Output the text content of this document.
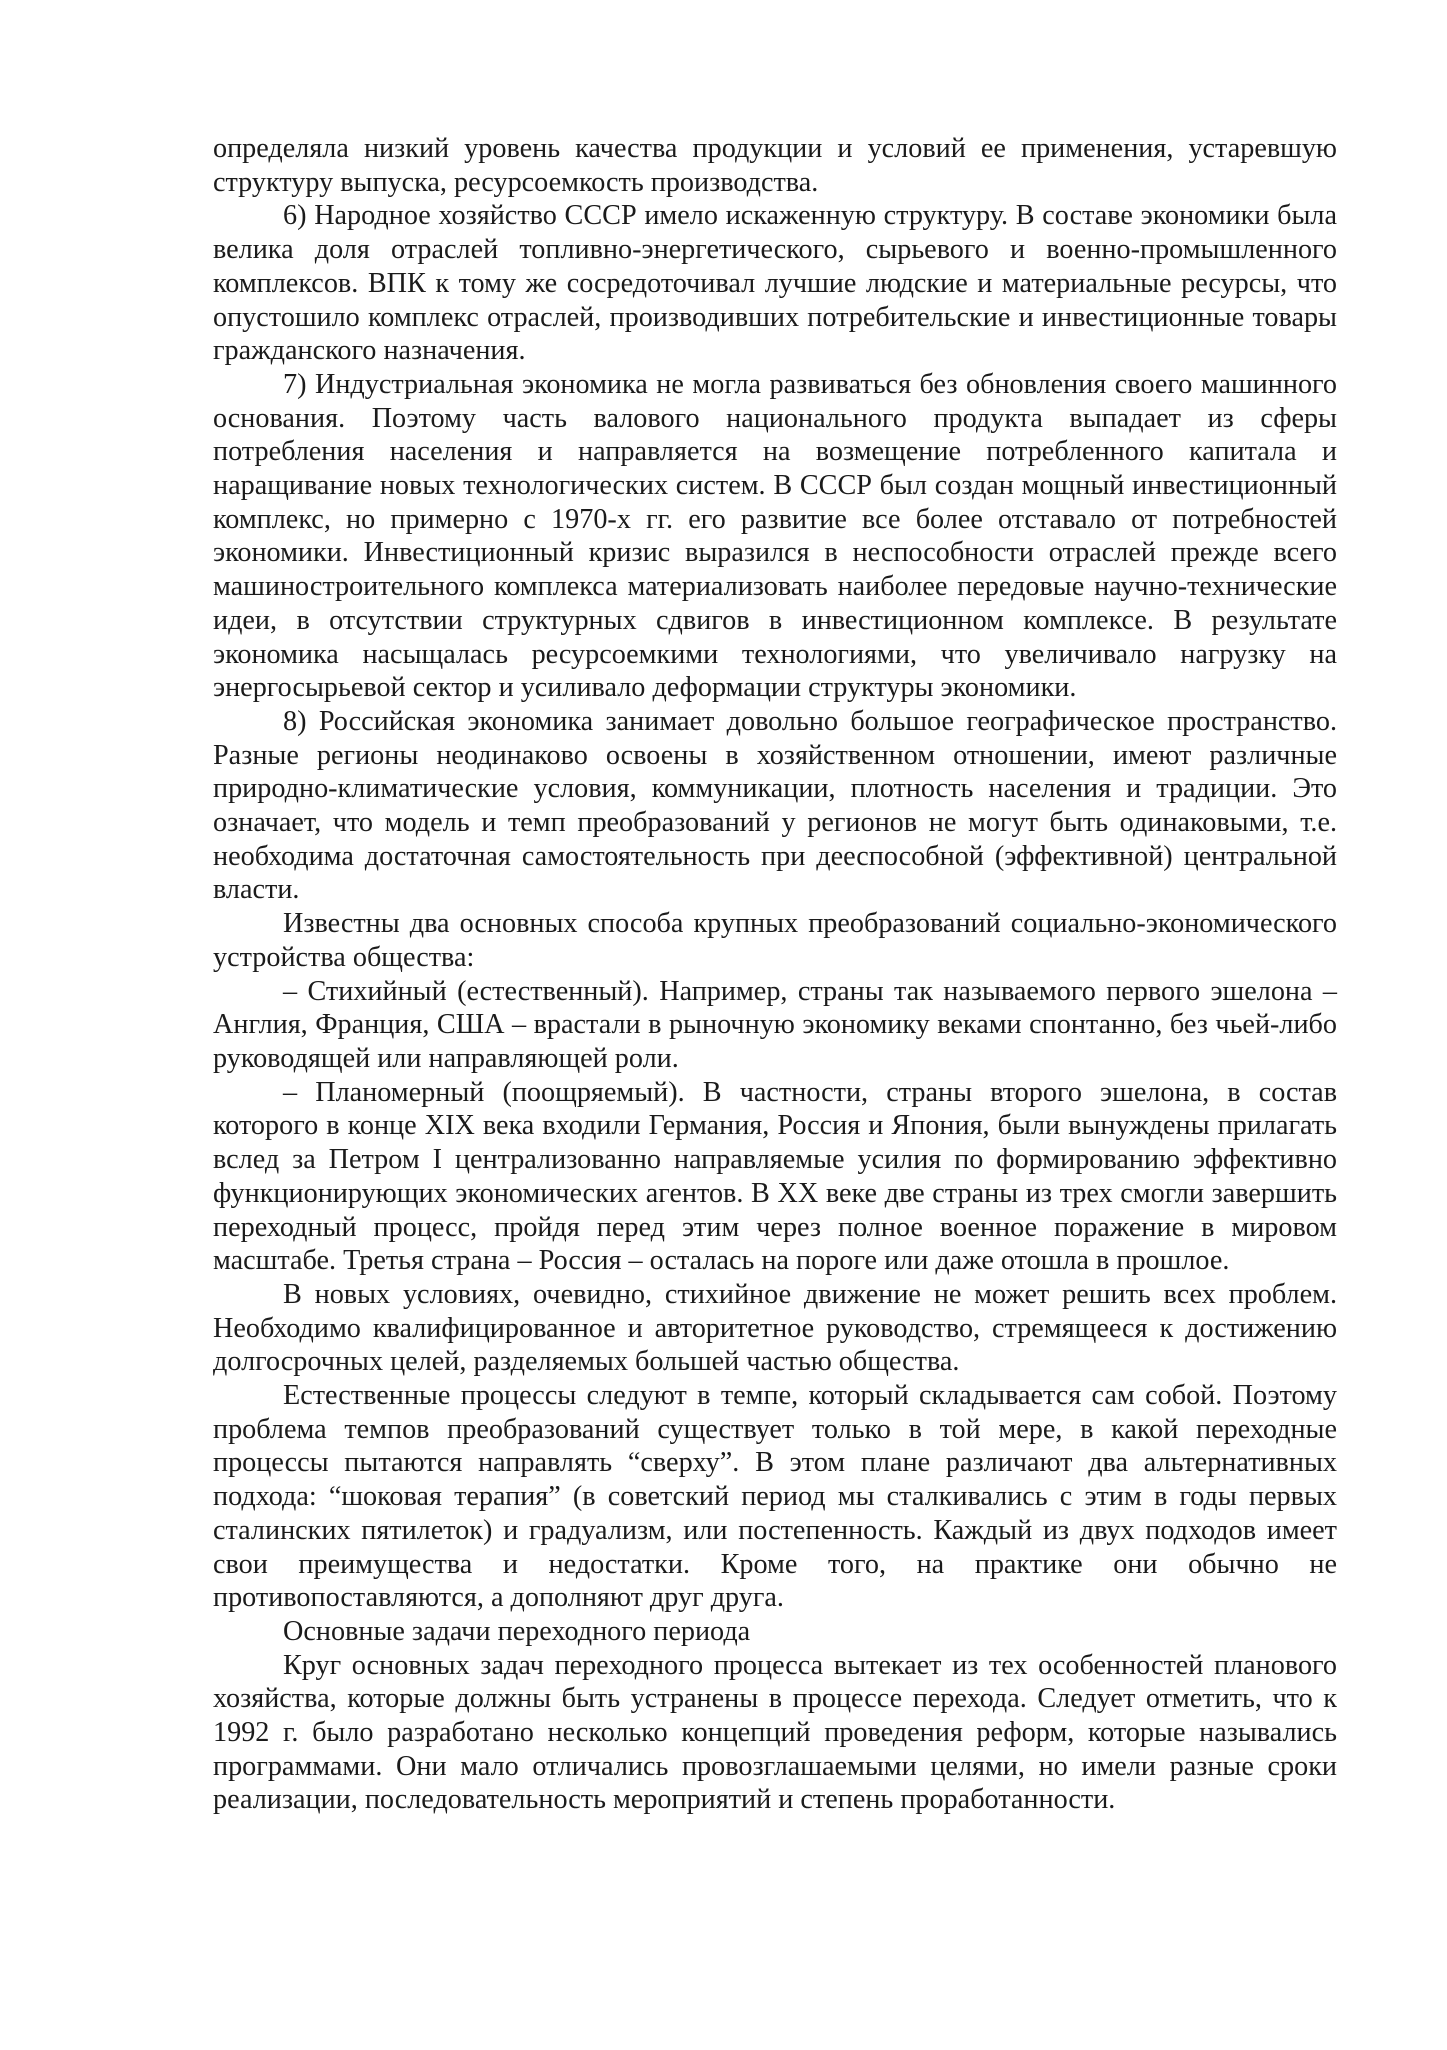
определяла низкий уровень качества продукции и условий ее применения, устаревшую структуру выпуска, ресурсоемкость производства.

6) Народное хозяйство СССР имело искаженную структуру. В составе экономики была велика доля отраслей топливно-энергетического, сырьевого и военно-промышленного комплексов. ВПК к тому же сосредоточивал лучшие людские и материальные ресурсы, что опустошило комплекс отраслей, производивших потребительские и инвестиционные товары гражданского назначения.

7) Индустриальная экономика не могла развиваться без обновления своего машинного основания. Поэтому часть валового национального продукта выпадает из сферы потребления населения и направляется на возмещение потребленного капитала и наращивание новых технологических систем. В СССР был создан мощный инвестиционный комплекс, но примерно с 1970-х гг. его развитие все более отставало от потребностей экономики. Инвестиционный кризис выразился в неспособности отраслей прежде всего машиностроительного комплекса материализовать наиболее передовые научно-технические идеи, в отсутствии структурных сдвигов в инвестиционном комплексе. В результате экономика насыщалась ресурсоемкими технологиями, что увеличивало нагрузку на энергосырьевой сектор и усиливало деформации структуры экономики.

8) Российская экономика занимает довольно большое географическое пространство. Разные регионы неодинаково освоены в хозяйственном отношении, имеют различные природно-климатические условия, коммуникации, плотность населения и традиции. Это означает, что модель и темп преобразований у регионов не могут быть одинаковыми, т.е. необходима достаточная самостоятельность при дееспособной (эффективной) центральной власти.

Известны два основных способа крупных преобразований социально-экономического устройства общества:

– Стихийный (естественный). Например, страны так называемого первого эшелона – Англия, Франция, США – врастали в рыночную экономику веками спонтанно, без чьей-либо руководящей или направляющей роли.

– Планомерный (поощряемый). В частности, страны второго эшелона, в состав которого в конце XIX века входили Германия, Россия и Япония, были вынуждены прилагать вслед за Петром I централизованно направляемые усилия по формированию эффективно функционирующих экономических агентов. В XX веке две страны из трех смогли завершить переходный процесс, пройдя перед этим через полное военное поражение в мировом масштабе. Третья страна – Россия – осталась на пороге или даже отошла в прошлое.

В новых условиях, очевидно, стихийное движение не может решить всех проблем. Необходимо квалифицированное и авторитетное руководство, стремящееся к достижению долгосрочных целей, разделяемых большей частью общества.

Естественные процессы следуют в темпе, который складывается сам собой. Поэтому проблема темпов преобразований существует только в той мере, в какой переходные процессы пытаются направлять “сверху”. В этом плане различают два альтернативных подхода: “шоковая терапия” (в советский период мы сталкивались с этим в годы первых сталинских пятилеток) и градуализм, или постепенность. Каждый из двух подходов имеет свои преимущества и недостатки. Кроме того, на практике они обычно не противопоставляются, а дополняют друг друга.

Основные задачи переходного периода

Круг основных задач переходного процесса вытекает из тех особенностей планового хозяйства, которые должны быть устранены в процессе перехода. Следует отметить, что к 1992 г. было разработано несколько концепций проведения реформ, которые назывались программами. Они мало отличались провозглашаемыми целями, но имели разные сроки реализации, последовательность мероприятий и степень проработанности.
